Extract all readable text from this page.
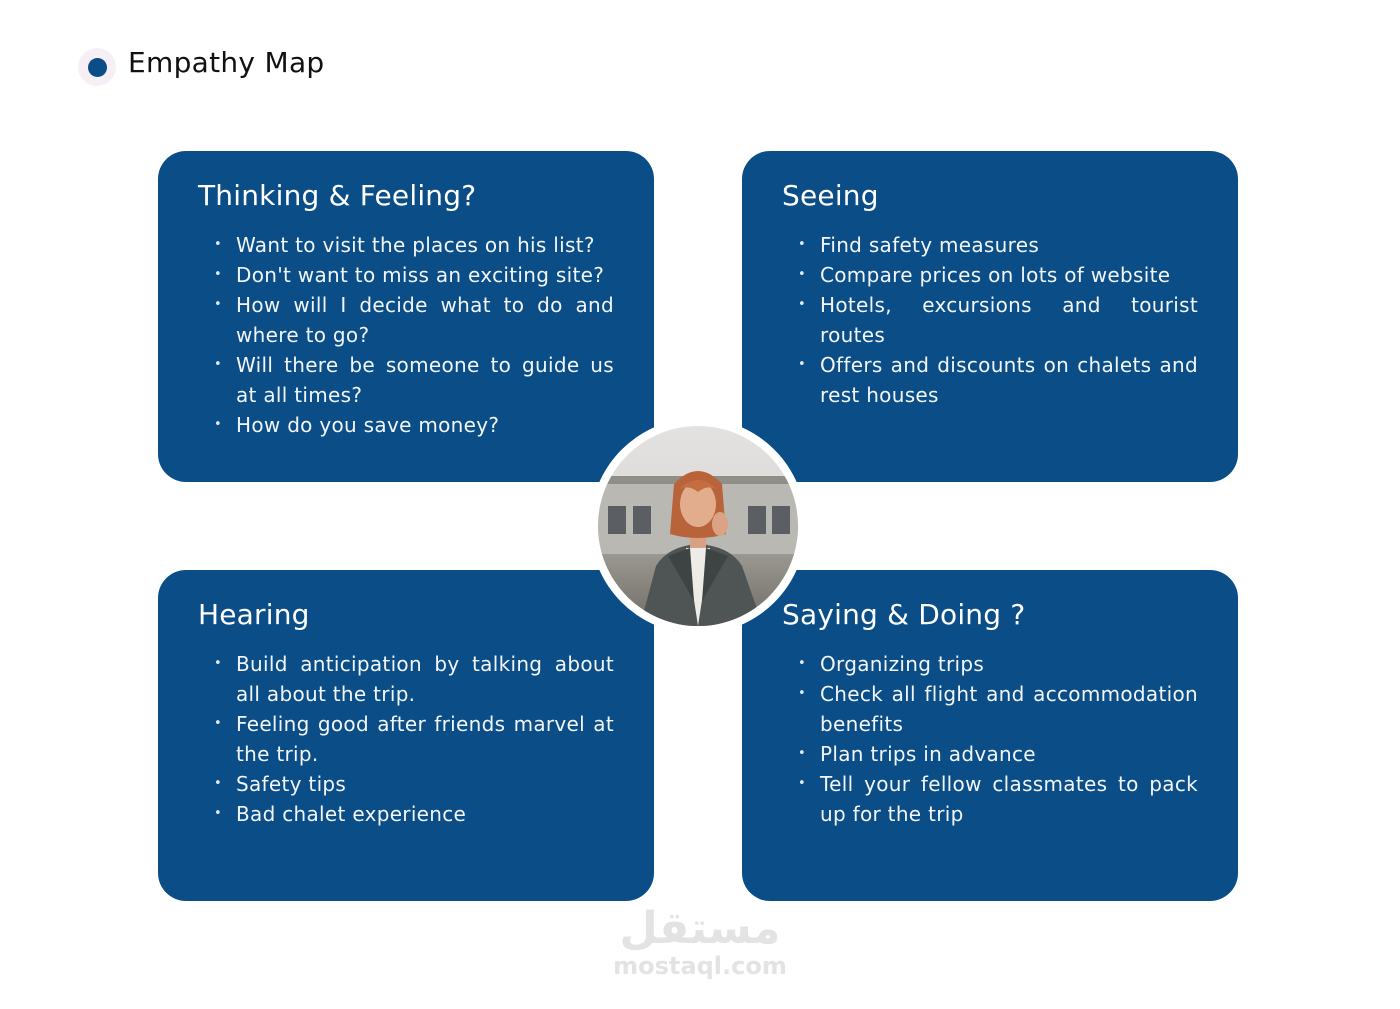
Empathy Map
Thinking & Feeling?
• Want to visit the places on his list?
• Don't want to miss an exciting site?
• How will I decide what to do and where to go?
• Will there be someone to guide us at all times?
• How do you save money?
Seeing
• Find safety measures
• Compare prices on lots of website
• Hotels, excursions and tourist routes
• Offers and discounts on chalets and rest houses
Hearing
• Build anticipation by talking about all about the trip.
• Feeling good after friends marvel at the trip.
• Safety tips
• Bad chalet experience
Saying & Doing ?
• Organizing trips
• Check all flight and accommodation benefits
• Plan trips in advance
• Tell your fellow classmates to pack up for the trip
مستقل
mostaql.com
